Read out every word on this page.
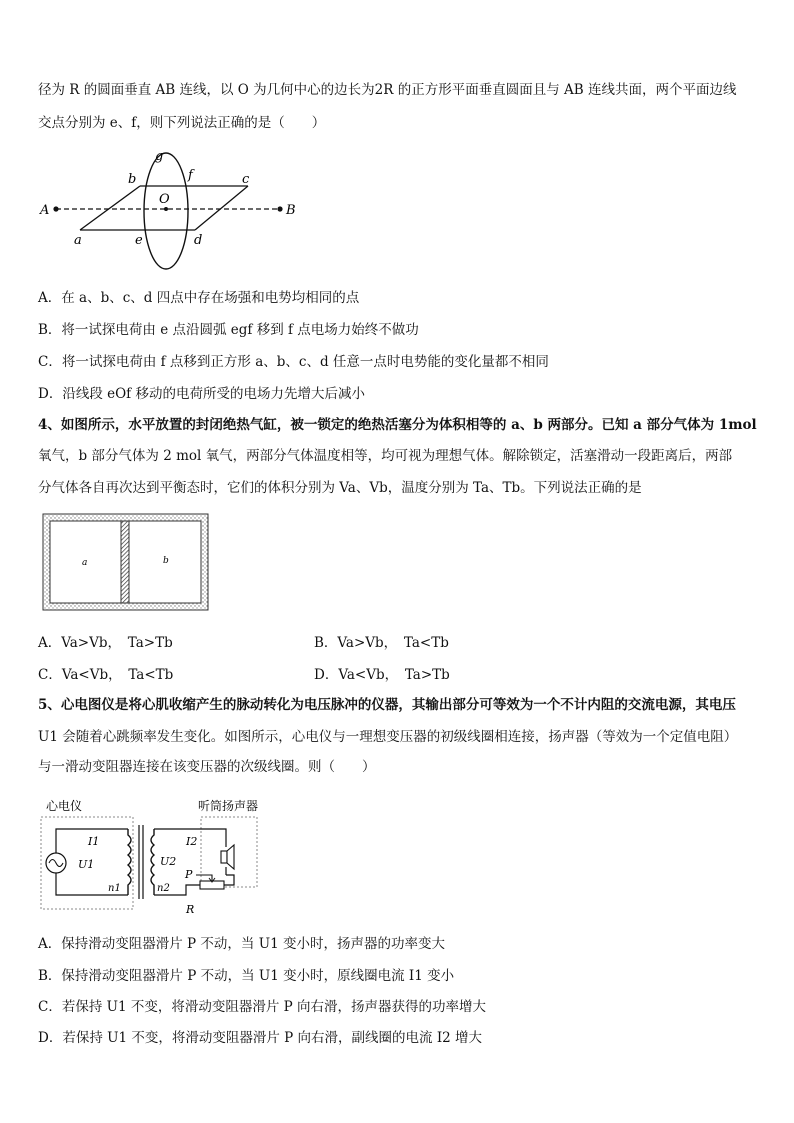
径为 R 的圆面垂直 AB 连线，以 O 为几何中心的边长为2R 的正方形平面垂直圆面且与 AB 连线共面，两个平面边线
交点分别为 e、f，则下列说法正确的是（　　）
A	B
O
a
b	c
d
e
f
g
A．在 a、b、c、d 四点中存在场强和电势均相同的点
B．将一试探电荷由 e 点沿圆弧 egf 移到 f 点电场力始终不做功
C．将一试探电荷由 f 点移到正方形 a、b、c、d 任意一点时电势能的变化量都不相同
D．沿线段 eOf 移动的电荷所受的电场力先增大后减小
4、如图所示，水平放置的封闭绝热气缸，被一锁定的绝热活塞分为体积相等的 a、b 两部分。已知 a 部分气体为 1mol
氧气，b 部分气体为 2 mol 氧气，两部分气体温度相等，均可视为理想气体。解除锁定，活塞滑动一段距离后，两部
分气体各自再次达到平衡态时，它们的体积分别为 Va、Vb，温度分别为 Ta、Tb。下列说法正确的是
a	b
A．Va>Vb，　Ta>Tb	B．Va>Vb，　Ta<Tb
C．Va<Vb，　Ta<Tb	D．Va<Vb，　Ta>Tb
5、心电图仪是将心肌收缩产生的脉动转化为电压脉冲的仪器，其输出部分可等效为一个不计内阻的交流电源，其电压
U1 会随着心跳频率发生变化。如图所示，心电仪与一理想变压器的初级线圈相连接，扬声器（等效为一个定值电阻）
与一滑动变阻器连接在该变压器的次级线圈。则（　　）
心电仪	听筒扬声器
I1
U1
n1
U2
n2
I2
P
R
A．保持滑动变阻器滑片 P 不动，当 U1 变小时，扬声器的功率变大
B．保持滑动变阻器滑片 P 不动，当 U1 变小时，原线圈电流 I1 变小
C．若保持 U1 不变，将滑动变阻器滑片 P 向右滑，扬声器获得的功率增大
D．若保持 U1 不变，将滑动变阻器滑片 P 向右滑，副线圈的电流 I2 增大
